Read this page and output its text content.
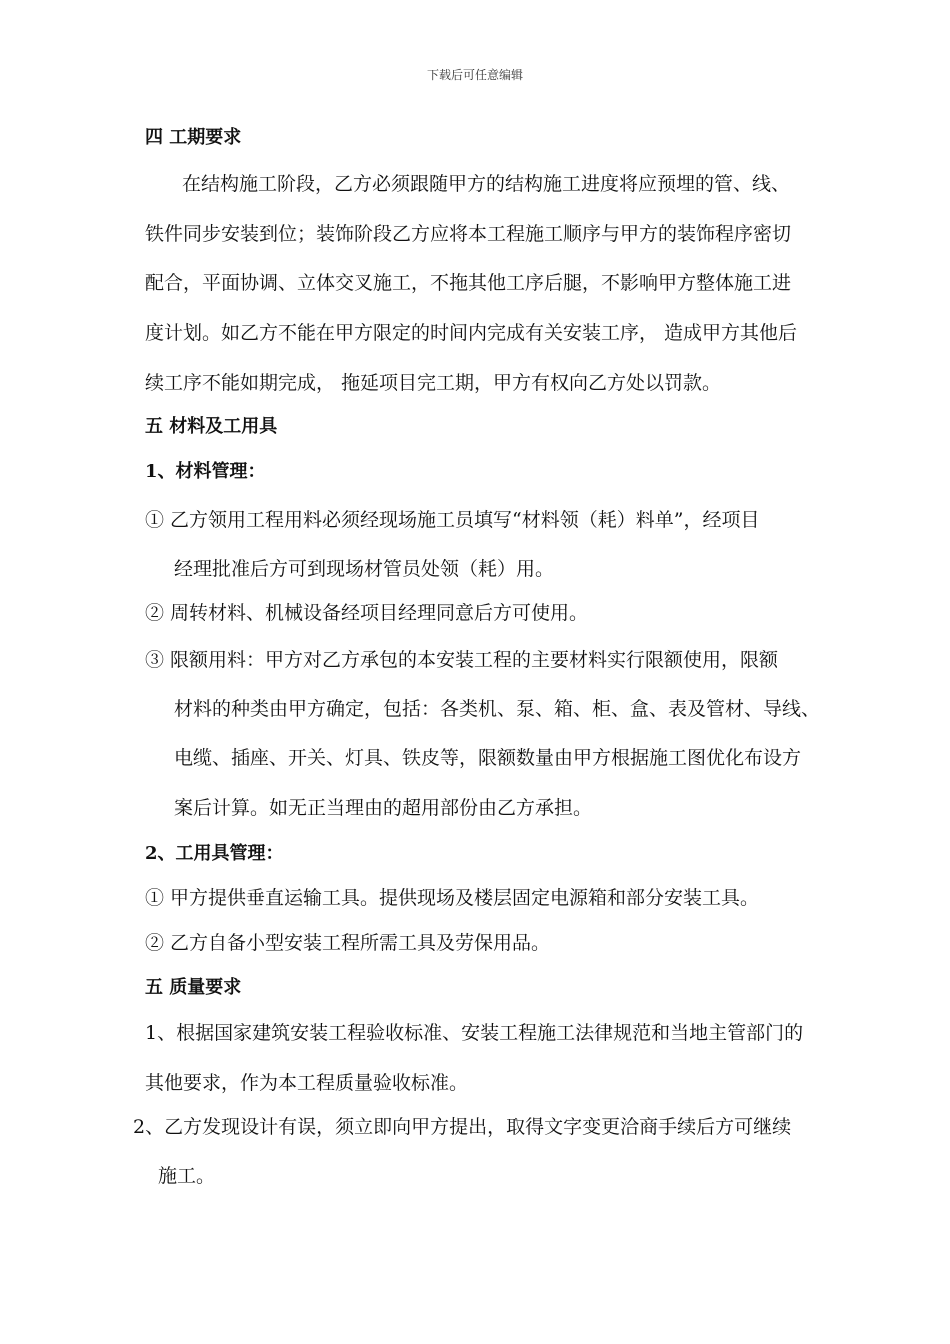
下载后可任意编辑
四 工期要求
在结构施工阶段，乙方必须跟随甲方的结构施工进度将应预埋的管、线、
铁件同步安装到位；装饰阶段乙方应将本工程施工顺序与甲方的装饰程序密切
配合，平面协调、立体交叉施工，不拖其他工序后腿，不影响甲方整体施工进
度计划。如乙方不能在甲方限定的时间内完成有关安装工序， 造成甲方其他后
续工序不能如期完成， 拖延项目完工期，甲方有权向乙方处以罚款。
五 材料及工用具
1、材料管理：
① 乙方领用工程用料必须经现场施工员填写“材料领（耗）料单”，经项目
经理批准后方可到现场材管员处领（耗）用。
② 周转材料、机械设备经项目经理同意后方可使用。
③ 限额用料：甲方对乙方承包的本安装工程的主要材料实行限额使用，限额
材料的种类由甲方确定，包括：各类机、泵、箱、柜、盒、表及管材、导线、
电缆、插座、开关、灯具、铁皮等，限额数量由甲方根据施工图优化布设方
案后计算。如无正当理由的超用部份由乙方承担。
2、工用具管理：
① 甲方提供垂直运输工具。提供现场及楼层固定电源箱和部分安装工具。
② 乙方自备小型安装工程所需工具及劳保用品。
五 质量要求
1、根据国家建筑安装工程验收标准、安装工程施工法律规范和当地主管部门的
其他要求，作为本工程质量验收标准。
2、乙方发现设计有误，须立即向甲方提出，取得文字变更洽商手续后方可继续
施工。
